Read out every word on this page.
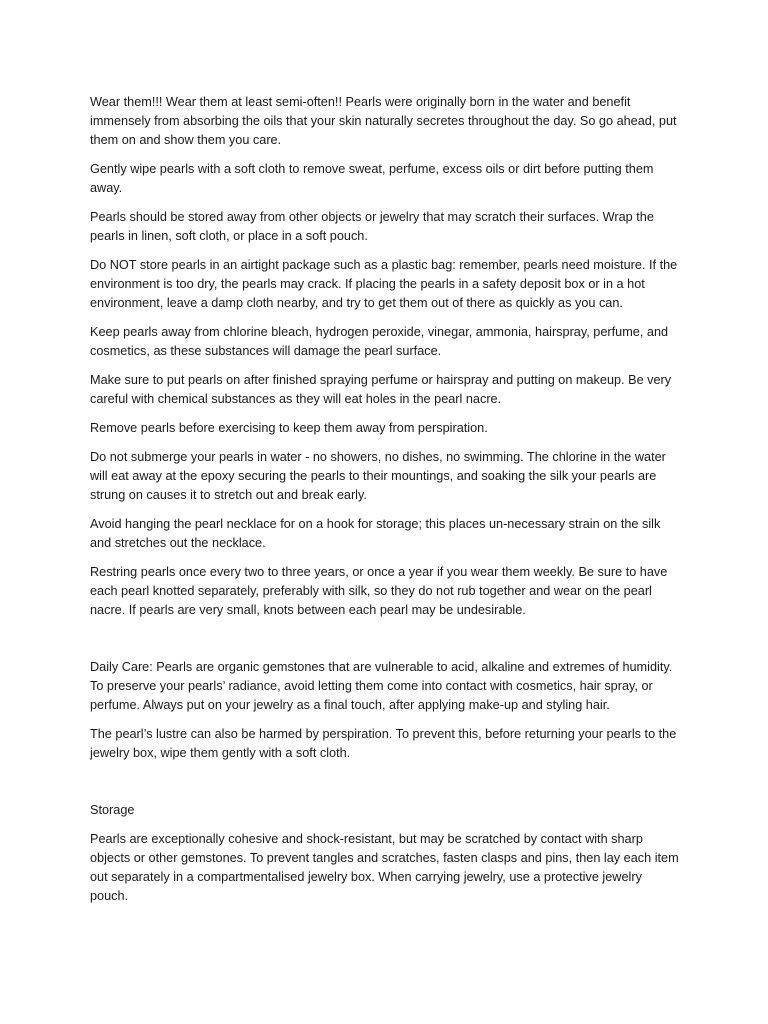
Wear them!!! Wear them at least semi-often!! Pearls were originally born in the water and benefit immensely from absorbing the oils that your skin naturally secretes throughout the day. So go ahead, put them on and show them you care.

Gently wipe pearls with a soft cloth to remove sweat, perfume, excess oils or dirt before putting them away.

Pearls should be stored away from other objects or jewelry that may scratch their surfaces. Wrap the pearls in linen, soft cloth, or place in a soft pouch.

Do NOT store pearls in an airtight package such as a plastic bag: remember, pearls need moisture. If the environment is too dry, the pearls may crack. If placing the pearls in a safety deposit box or in a hot environment, leave a damp cloth nearby, and try to get them out of there as quickly as you can.

Keep pearls away from chlorine bleach, hydrogen peroxide, vinegar, ammonia, hairspray, perfume, and cosmetics, as these substances will damage the pearl surface.

Make sure to put pearls on after finished spraying perfume or hairspray and putting on makeup. Be very careful with chemical substances as they will eat holes in the pearl nacre.

Remove pearls before exercising to keep them away from perspiration.

Do not submerge your pearls in water - no showers, no dishes, no swimming. The chlorine in the water will eat away at the epoxy securing the pearls to their mountings, and soaking the silk your pearls are strung on causes it to stretch out and break early.

Avoid hanging the pearl necklace for on a hook for storage; this places un-necessary strain on the silk and stretches out the necklace.

Restring pearls once every two to three years, or once a year if you wear them weekly. Be sure to have each pearl knotted separately, preferably with silk, so they do not rub together and wear on the pearl nacre. If pearls are very small, knots between each pearl may be undesirable.

Daily Care: Pearls are organic gemstones that are vulnerable to acid, alkaline and extremes of humidity. To preserve your pearls’ radiance, avoid letting them come into contact with cosmetics, hair spray, or perfume. Always put on your jewelry as a final touch, after applying make-up and styling hair.

The pearl’s lustre can also be harmed by perspiration. To prevent this, before returning your pearls to the jewelry box, wipe them gently with a soft cloth.

Storage

Pearls are exceptionally cohesive and shock-resistant, but may be scratched by contact with sharp objects or other gemstones. To prevent tangles and scratches, fasten clasps and pins, then lay each item out separately in a compartmentalised jewelry box. When carrying jewelry, use a protective jewelry pouch.
